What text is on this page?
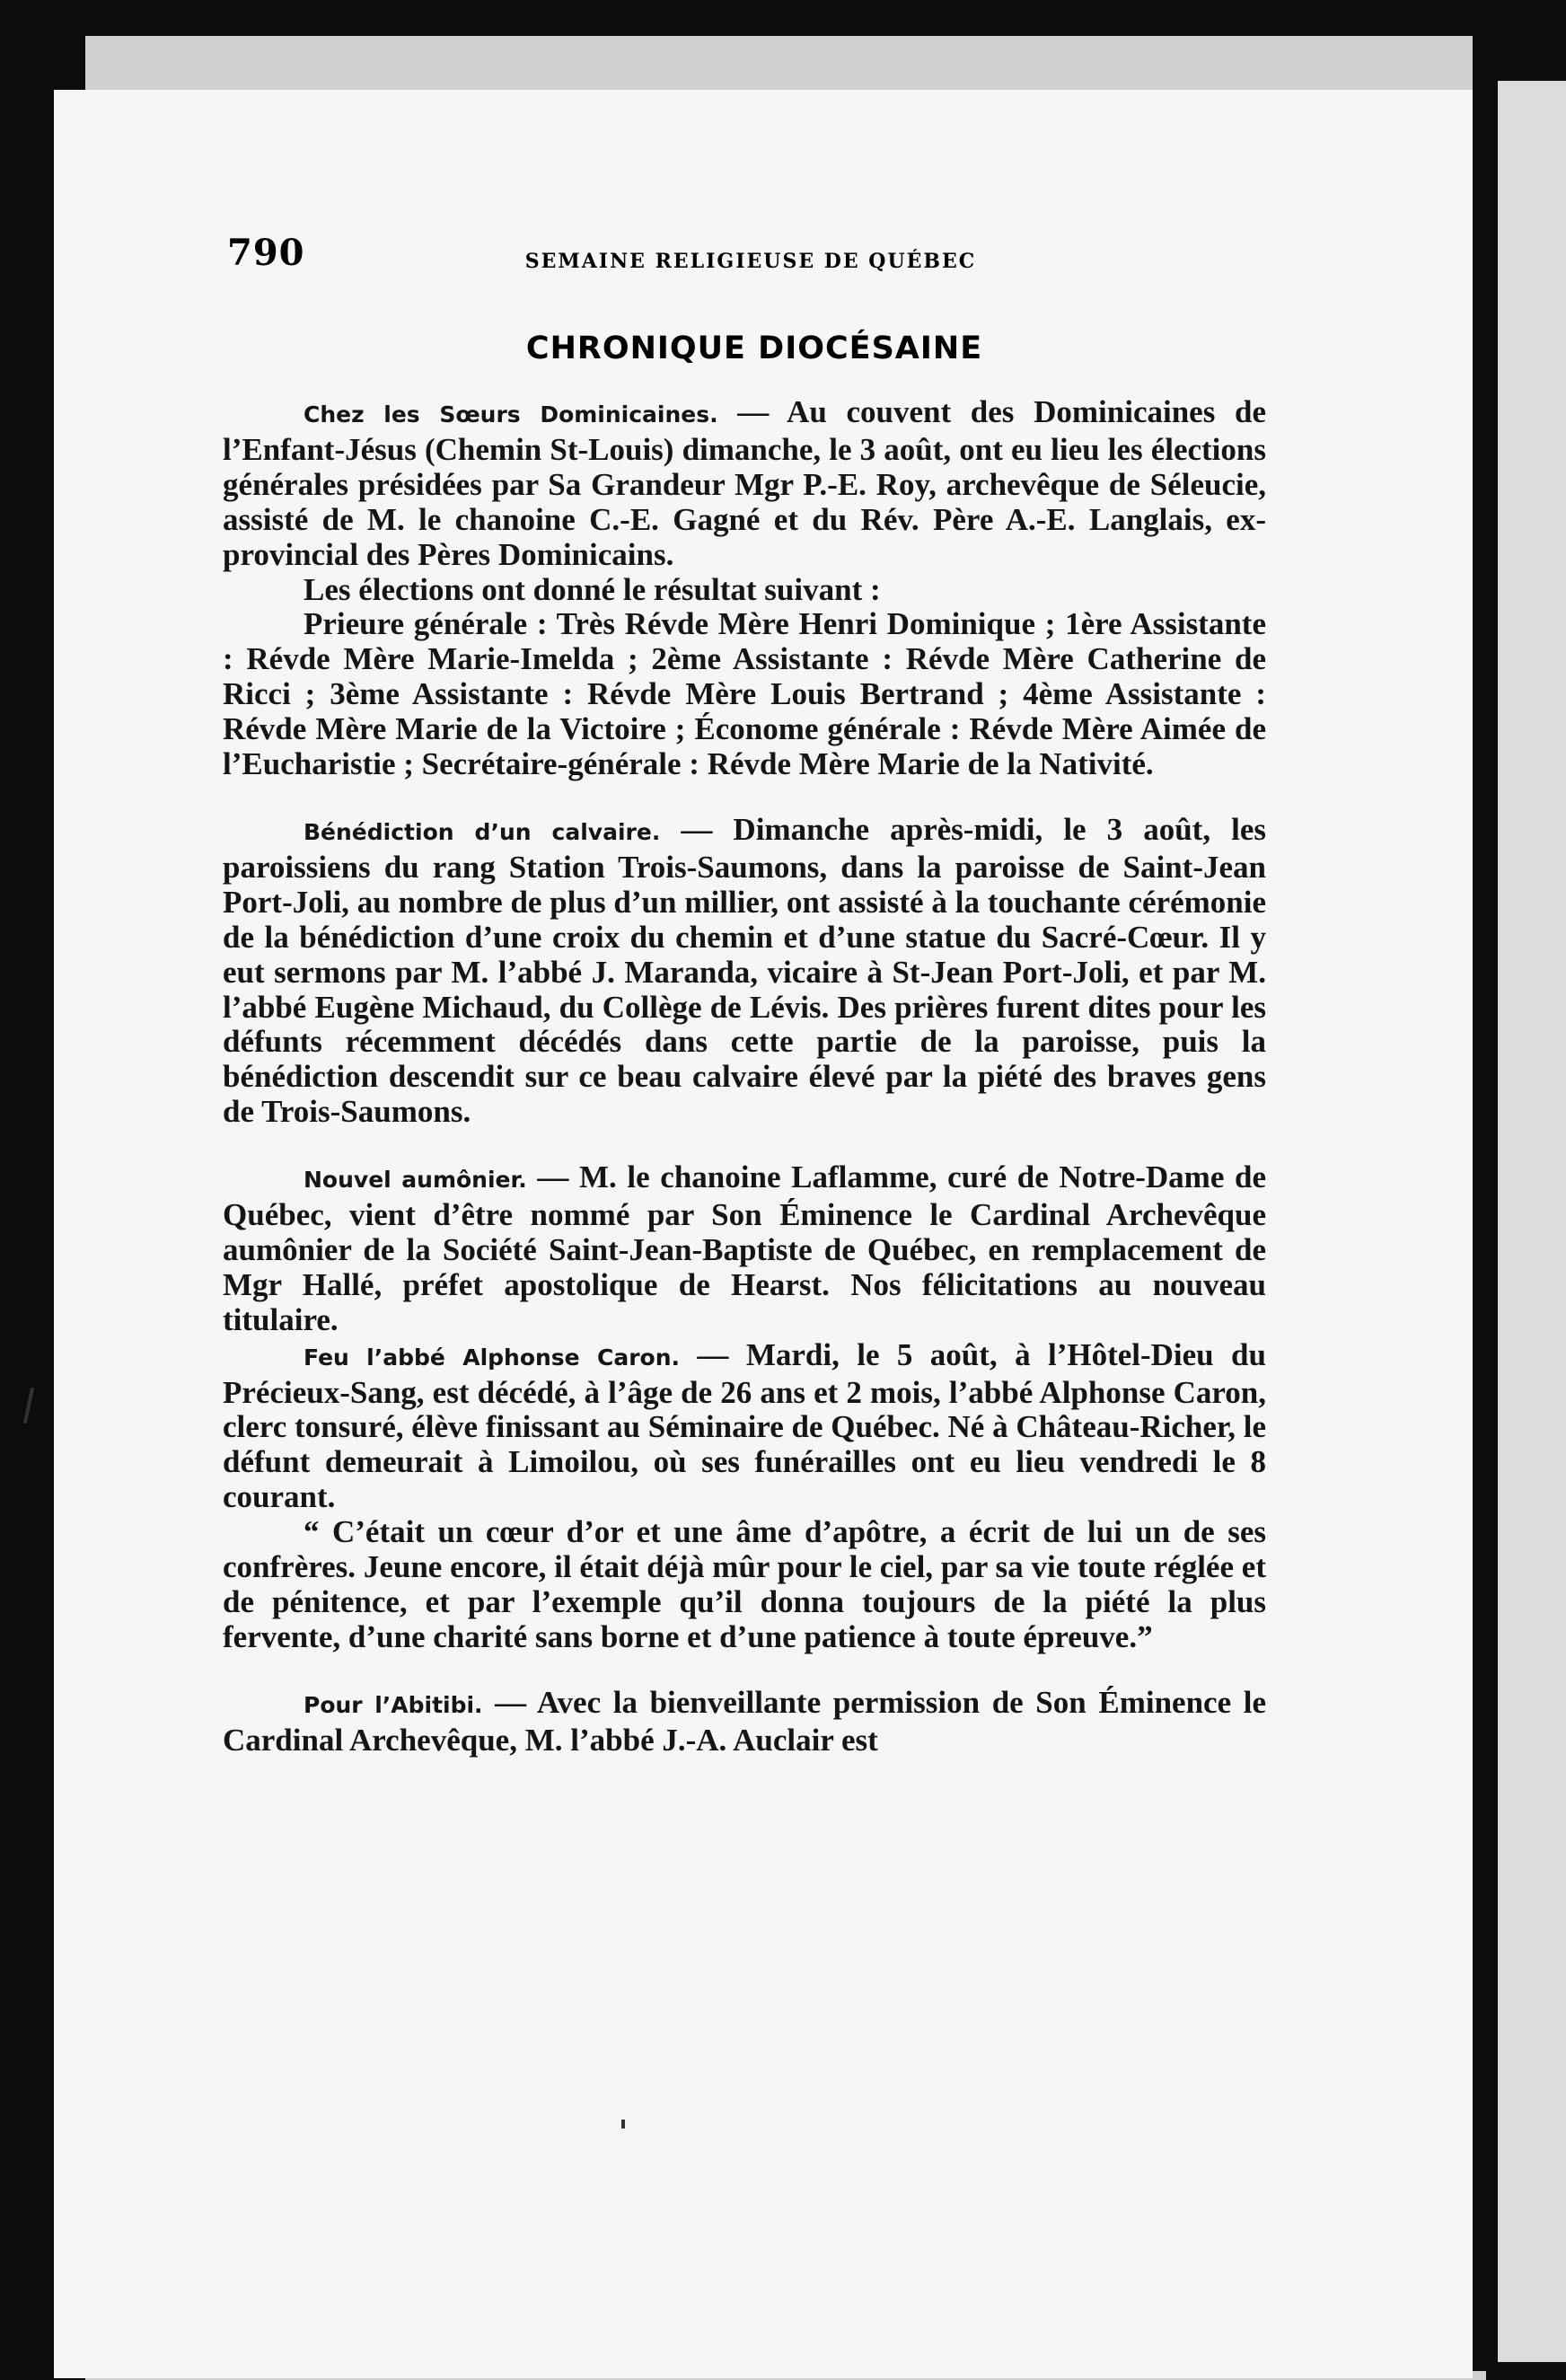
790	SEMAINE RELIGIEUSE DE QUÉBEC
CHRONIQUE DIOCÉSAINE

Chez les Sœurs Dominicaines. — Au couvent des Dominicaines de l’Enfant-Jésus (Chemin St-Louis) dimanche, le 3 août, ont eu lieu les élections générales présidées par Sa Grandeur Mgr P.-E. Roy, archevêque de Séleucie, assisté de M. le chanoine C.-E. Gagné et du Rév. Père A.-E. Langlais, ex-provincial des Pères Dominicains.

Les élections ont donné le résultat suivant :

Prieure générale : Très Révde Mère Henri Dominique ; 1ère Assistante : Révde Mère Marie-Imelda ; 2ème Assistante : Révde Mère Catherine de Ricci ; 3ème Assistante : Révde Mère Louis Bertrand ; 4ème Assistante : Révde Mère Marie de la Victoire ; Économe générale : Révde Mère Aimée de l’Eucharistie ; Secrétaire-générale : Révde Mère Marie de la Nativité.

Bénédiction d’un calvaire. — Dimanche après-midi, le 3 août, les paroissiens du rang Station Trois-Saumons, dans la paroisse de Saint-Jean Port-Joli, au nombre de plus d’un millier, ont assisté à la touchante cérémonie de la bénédiction d’une croix du chemin et d’une statue du Sacré-Cœur. Il y eut sermons par M. l’abbé J. Maranda, vicaire à St-Jean Port-Joli, et par M. l’abbé Eugène Michaud, du Collège de Lévis. Des prières furent dites pour les défunts récemment décédés dans cette partie de la paroisse, puis la bénédiction descendit sur ce beau calvaire élevé par la piété des braves gens de Trois-Saumons.

Nouvel aumônier. — M. le chanoine Laflamme, curé de Notre-Dame de Québec, vient d’être nommé par Son Éminence le Cardinal Archevêque aumônier de la Société Saint-Jean-Baptiste de Québec, en remplacement de Mgr Hallé, préfet apostolique de Hearst. Nos félicitations au nouveau titulaire.

Feu l’abbé Alphonse Caron. — Mardi, le 5 août, à l’Hôtel-Dieu du Précieux-Sang, est décédé, à l’âge de 26 ans et 2 mois, l’abbé Alphonse Caron, clerc tonsuré, élève finissant au Séminaire de Québec. Né à Château-Richer, le défunt demeurait à Limoilou, où ses funérailles ont eu lieu vendredi le 8 courant.

“ C’était un cœur d’or et une âme d’apôtre, a écrit de lui un de ses confrères. Jeune encore, il était déjà mûr pour le ciel, par sa vie toute réglée et de pénitence, et par l’exemple qu’il donna toujours de la piété la plus fervente, d’une charité sans borne et d’une patience à toute épreuve.”

Pour l’Abitibi. — Avec la bienveillante permission de Son Éminence le Cardinal Archevêque, M. l’abbé J.-A. Auclair est
